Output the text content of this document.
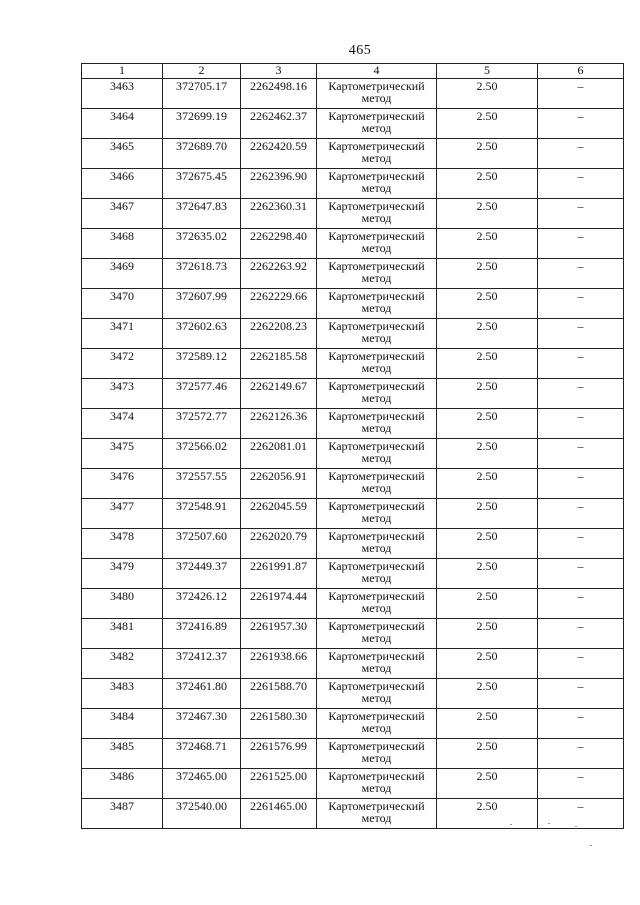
465
1	2	3	4	5	6
3463	372705.17	2262498.16	Картометрический метод	2.50	–
3464	372699.19	2262462.37	Картометрический метод	2.50	–
3465	372689.70	2262420.59	Картометрический метод	2.50	–
3466	372675.45	2262396.90	Картометрический метод	2.50	–
3467	372647.83	2262360.31	Картометрический метод	2.50	–
3468	372635.02	2262298.40	Картометрический метод	2.50	–
3469	372618.73	2262263.92	Картометрический метод	2.50	–
3470	372607.99	2262229.66	Картометрический метод	2.50	–
3471	372602.63	2262208.23	Картометрический метод	2.50	–
3472	372589.12	2262185.58	Картометрический метод	2.50	–
3473	372577.46	2262149.67	Картометрический метод	2.50	–
3474	372572.77	2262126.36	Картометрический метод	2.50	–
3475	372566.02	2262081.01	Картометрический метод	2.50	–
3476	372557.55	2262056.91	Картометрический метод	2.50	–
3477	372548.91	2262045.59	Картометрический метод	2.50	–
3478	372507.60	2262020.79	Картометрический метод	2.50	–
3479	372449.37	2261991.87	Картометрический метод	2.50	–
3480	372426.12	2261974.44	Картометрический метод	2.50	–
3481	372416.89	2261957.30	Картометрический метод	2.50	–
3482	372412.37	2261938.66	Картометрический метод	2.50	–
3483	372461.80	2261588.70	Картометрический метод	2.50	–
3484	372467.30	2261580.30	Картометрический метод	2.50	–
3485	372468.71	2261576.99	Картометрический метод	2.50	–
3486	372465.00	2261525.00	Картометрический метод	2.50	–
3487	372540.00	2261465.00	Картометрический метод	2.50	–
